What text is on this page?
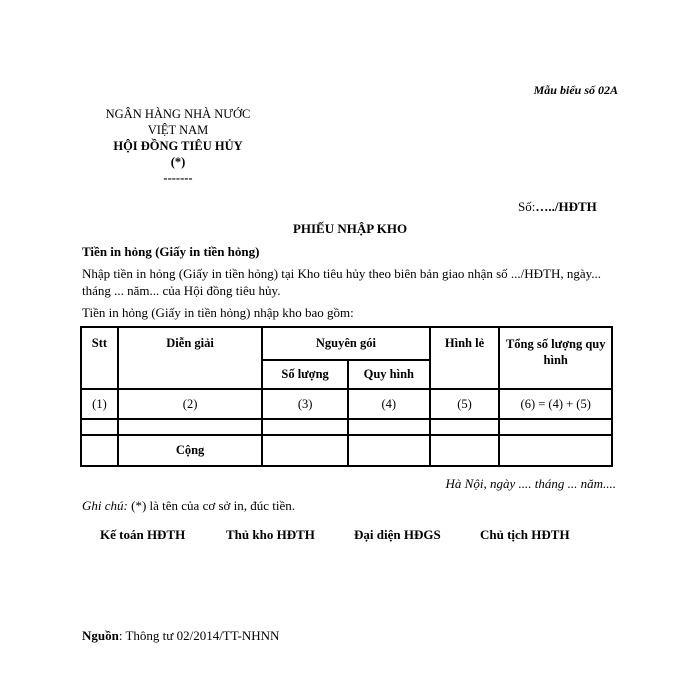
Mẫu biểu số 02A
NGÂN HÀNG NHÀ NƯỚC
VIỆT NAM
HỘI ĐỒNG TIÊU HỦY
(*)
-------
Số:…../HĐTH
PHIẾU NHẬP KHO
Tiền in hỏng (Giấy in tiền hỏng)
Nhập tiền in hỏng (Giấy in tiền hỏng) tại Kho tiêu hủy theo biên bản giao nhận số .../HĐTH, ngày... tháng ... năm... của Hội đồng tiêu hủy.
Tiền in hỏng (Giấy in tiền hỏng) nhập kho bao gồm:
Stt	Diễn giải	Nguyên gói		Hình lẻ	Tổng số lượng quy hình
		Số lượng	Quy hình		
(1)	(2)	(3)	(4)	(5)	(6) = (4) + (5)

	Cộng				
Hà Nội, ngày .... tháng ... năm....
Ghi chú: (*) là tên của cơ sở in, đúc tiền.
Kế toán HĐTH	Thủ kho HĐTH	Đại diện HĐGS	Chủ tịch HĐTH
Nguồn: Thông tư 02/2014/TT-NHNN
